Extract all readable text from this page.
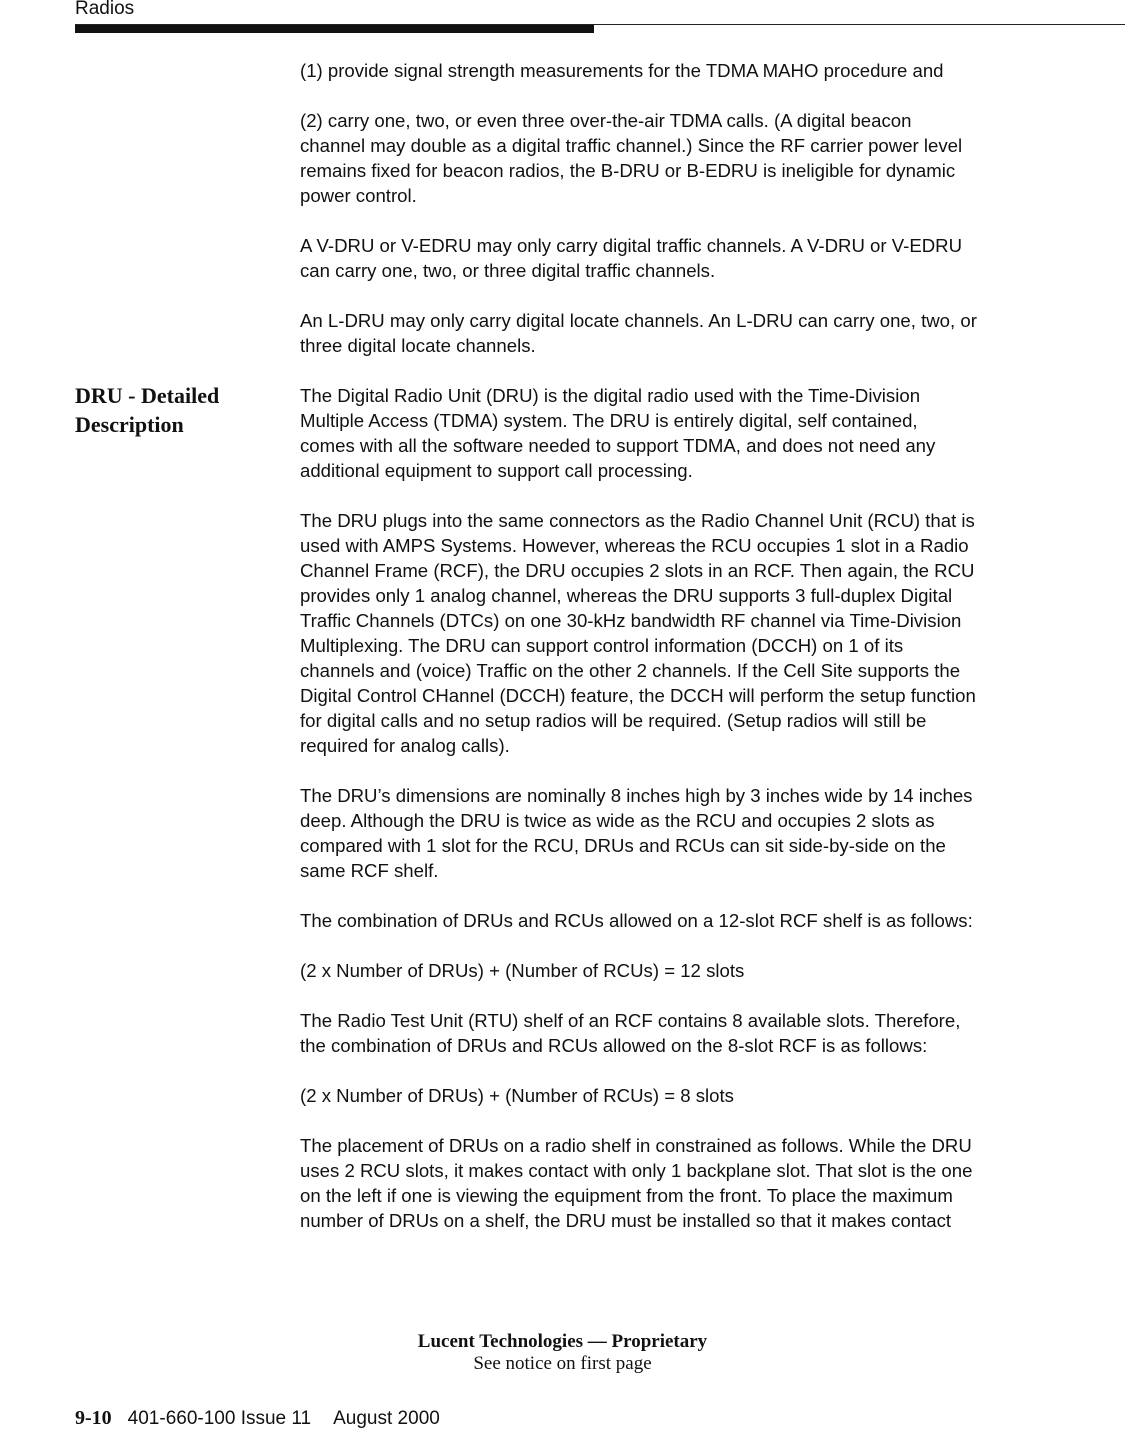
Radios

(1) provide signal strength measurements for the TDMA MAHO procedure and

(2) carry one, two, or even three over-the-air TDMA calls. (A digital beacon

channel may double as a digital traffic channel.) Since the RF carrier power level

remains fixed for beacon radios, the B-DRU or B-EDRU is ineligible for dynamic

power control.

A V-DRU or V-EDRU may only carry digital traffic channels. A V-DRU or V-EDRU

can carry one, two, or three digital traffic channels.

An L-DRU may only carry digital locate channels. An L-DRU can carry one, two, or

three digital locate channels.

DRU - Detailed
Description

The Digital Radio Unit (DRU) is the digital radio used with the Time-Division

Multiple Access (TDMA) system. The DRU is entirely digital, self contained,

comes with all the software needed to support TDMA, and does not need any

additional equipment to support call processing.

The DRU plugs into the same connectors as the Radio Channel Unit (RCU) that is

used with AMPS Systems. However, whereas the RCU occupies 1 slot in a Radio

Channel Frame (RCF), the DRU occupies 2 slots in an RCF. Then again, the RCU

provides only 1 analog channel, whereas the DRU supports 3 full-duplex Digital

Traffic Channels (DTCs) on one 30-kHz bandwidth RF channel via Time-Division

Multiplexing. The DRU can support control information (DCCH) on 1 of its

channels and (voice) Traffic on the other 2 channels. If the Cell Site supports the

Digital Control CHannel (DCCH) feature, the DCCH will perform the setup function

for digital calls and no setup radios will be required. (Setup radios will still be

required for analog calls).

The DRU’s dimensions are nominally 8 inches high by 3 inches wide by 14 inches

deep. Although the DRU is twice as wide as the RCU and occupies 2 slots as

compared with 1 slot for the RCU, DRUs and RCUs can sit side-by-side on the

same RCF shelf.

The combination of DRUs and RCUs allowed on a 12-slot RCF shelf is as follows:

(2 x Number of DRUs) + (Number of RCUs) = 12 slots

The Radio Test Unit (RTU) shelf of an RCF contains 8 available slots. Therefore,

the combination of DRUs and RCUs allowed on the 8-slot RCF is as follows:

(2 x Number of DRUs) + (Number of RCUs) = 8 slots

The placement of DRUs on a radio shelf in constrained as follows. While the DRU

uses 2 RCU slots, it makes contact with only 1 backplane slot. That slot is the one

on the left if one is viewing the equipment from the front. To place the maximum

number of DRUs on a shelf, the DRU must be installed so that it makes contact

Lucent Technologies — Proprietary
See notice on first page
9-10 401-660-100 Issue 11 August 2000
